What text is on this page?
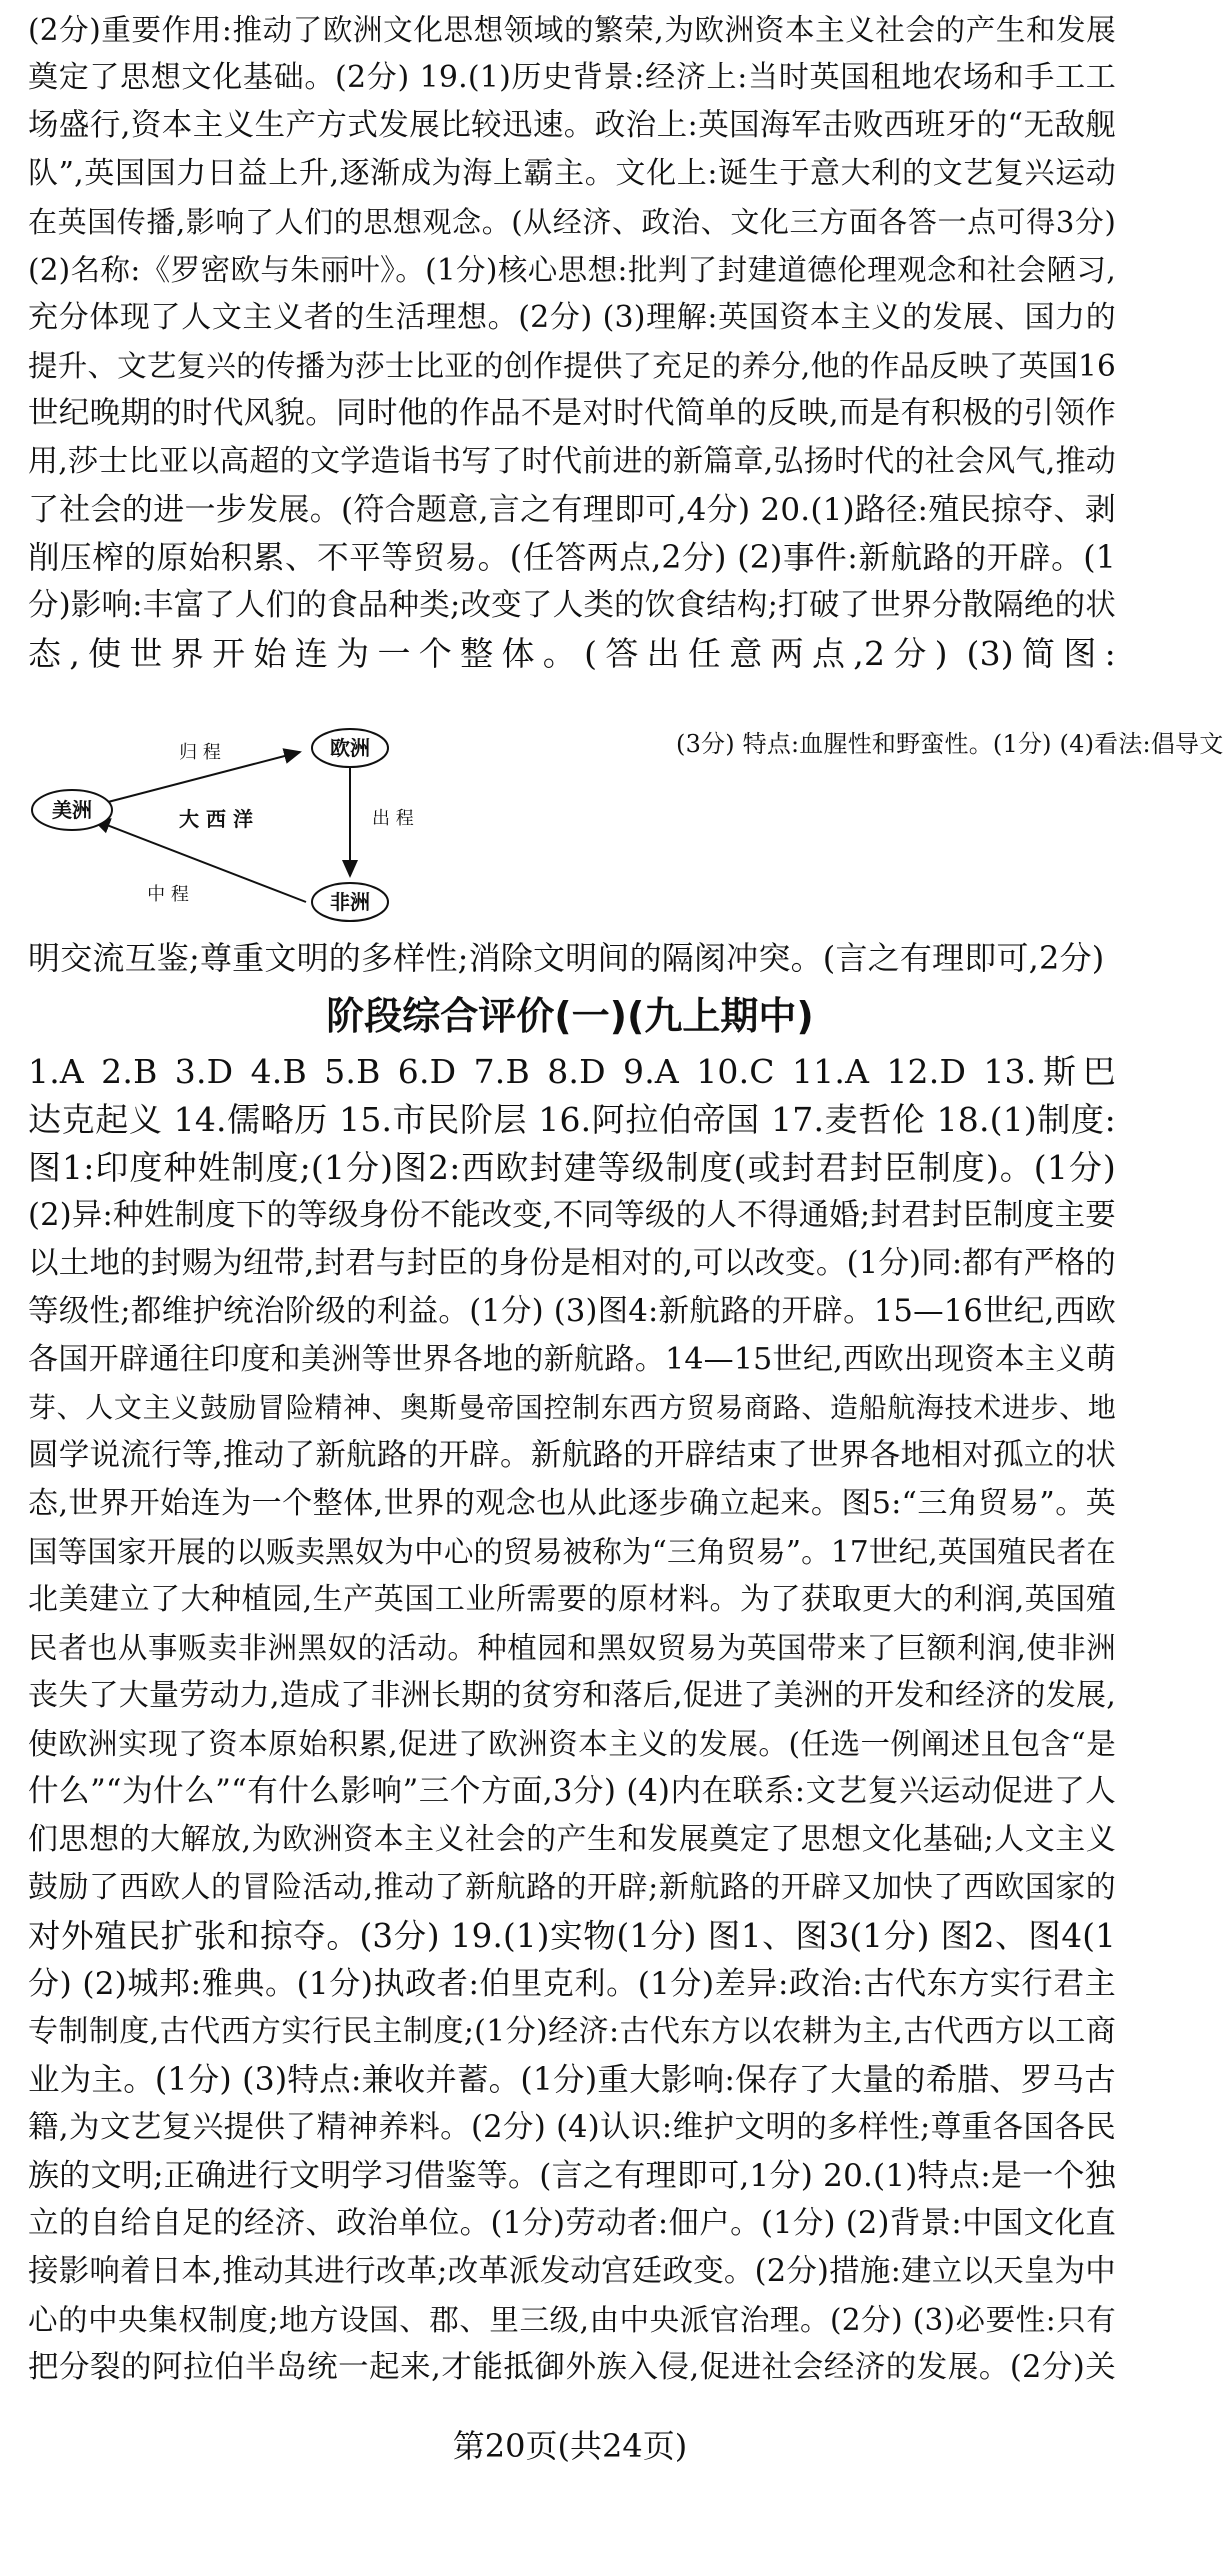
(2分)重要作用:推动了欧洲文化思想领域的繁荣,为欧洲资本主义社会的产生和发展
奠定了思想文化基础。(2分) 19.(1)历史背景:经济上:当时英国租地农场和手工工
场盛行,资本主义生产方式发展比较迅速。政治上:英国海军击败西班牙的“无敌舰
队”,英国国力日益上升,逐渐成为海上霸主。文化上:诞生于意大利的文艺复兴运动
在英国传播,影响了人们的思想观念。(从经济、政治、文化三方面各答一点可得3分)
(2)名称:《罗密欧与朱丽叶》。(1分)核心思想:批判了封建道德伦理观念和社会陋习,
充分体现了人文主义者的生活理想。(2分) (3)理解:英国资本主义的发展、国力的
提升、文艺复兴的传播为莎士比亚的创作提供了充足的养分,他的作品反映了英国16
世纪晚期的时代风貌。同时他的作品不是对时代简单的反映,而是有积极的引领作
用,莎士比亚以高超的文学造诣书写了时代前进的新篇章,弘扬时代的社会风气,推动
了社会的进一步发展。(符合题意,言之有理即可,4分) 20.(1)路径:殖民掠夺、剥
削压榨的原始积累、不平等贸易。(任答两点,2分) (2)事件:新航路的开辟。(1
分)影响:丰富了人们的食品种类;改变了人类的饮食结构;打破了世界分散隔绝的状
态,使世界开始连为一个整体。(答出任意两点,2分) (3)简图:
美洲
欧洲
非洲
归 程
出 程
中 程
大 西 洋
(3分) 特点:血腥性和野蛮性。(1分) (4)看法:倡导文
明交流互鉴;尊重文明的多样性;消除文明间的隔阂冲突。(言之有理即可,2分)
阶段综合评价(一)(九上期中)
1.A 2.B 3.D 4.B 5.B 6.D 7.B 8.D 9.A 10.C 11.A 12.D 13.斯巴
达克起义 14.儒略历 15.市民阶层 16.阿拉伯帝国 17.麦哲伦 18.(1)制度:
图1:印度种姓制度;(1分)图2:西欧封建等级制度(或封君封臣制度)。(1分)
(2)异:种姓制度下的等级身份不能改变,不同等级的人不得通婚;封君封臣制度主要
以土地的封赐为纽带,封君与封臣的身份是相对的,可以改变。(1分)同:都有严格的
等级性;都维护统治阶级的利益。(1分) (3)图4:新航路的开辟。15—16世纪,西欧
各国开辟通往印度和美洲等世界各地的新航路。14—15世纪,西欧出现资本主义萌
芽、人文主义鼓励冒险精神、奥斯曼帝国控制东西方贸易商路、造船航海技术进步、地
圆学说流行等,推动了新航路的开辟。新航路的开辟结束了世界各地相对孤立的状
态,世界开始连为一个整体,世界的观念也从此逐步确立起来。图5:“三角贸易”。英
国等国家开展的以贩卖黑奴为中心的贸易被称为“三角贸易”。17世纪,英国殖民者在
北美建立了大种植园,生产英国工业所需要的原材料。为了获取更大的利润,英国殖
民者也从事贩卖非洲黑奴的活动。种植园和黑奴贸易为英国带来了巨额利润,使非洲
丧失了大量劳动力,造成了非洲长期的贫穷和落后,促进了美洲的开发和经济的发展,
使欧洲实现了资本原始积累,促进了欧洲资本主义的发展。(任选一例阐述且包含“是
什么”“为什么”“有什么影响”三个方面,3分) (4)内在联系:文艺复兴运动促进了人
们思想的大解放,为欧洲资本主义社会的产生和发展奠定了思想文化基础;人文主义
鼓励了西欧人的冒险活动,推动了新航路的开辟;新航路的开辟又加快了西欧国家的
对外殖民扩张和掠夺。(3分) 19.(1)实物(1分) 图1、图3(1分) 图2、图4(1
分) (2)城邦:雅典。(1分)执政者:伯里克利。(1分)差异:政治:古代东方实行君主
专制制度,古代西方实行民主制度;(1分)经济:古代东方以农耕为主,古代西方以工商
业为主。(1分) (3)特点:兼收并蓄。(1分)重大影响:保存了大量的希腊、罗马古
籍,为文艺复兴提供了精神养料。(2分) (4)认识:维护文明的多样性;尊重各国各民
族的文明;正确进行文明学习借鉴等。(言之有理即可,1分) 20.(1)特点:是一个独
立的自给自足的经济、政治单位。(1分)劳动者:佃户。(1分) (2)背景:中国文化直
接影响着日本,推动其进行改革;改革派发动宫廷政变。(2分)措施:建立以天皇为中
心的中央集权制度;地方设国、郡、里三级,由中央派官治理。(2分) (3)必要性:只有
把分裂的阿拉伯半岛统一起来,才能抵御外族入侵,促进社会经济的发展。(2分)关
第20页(共24页)
